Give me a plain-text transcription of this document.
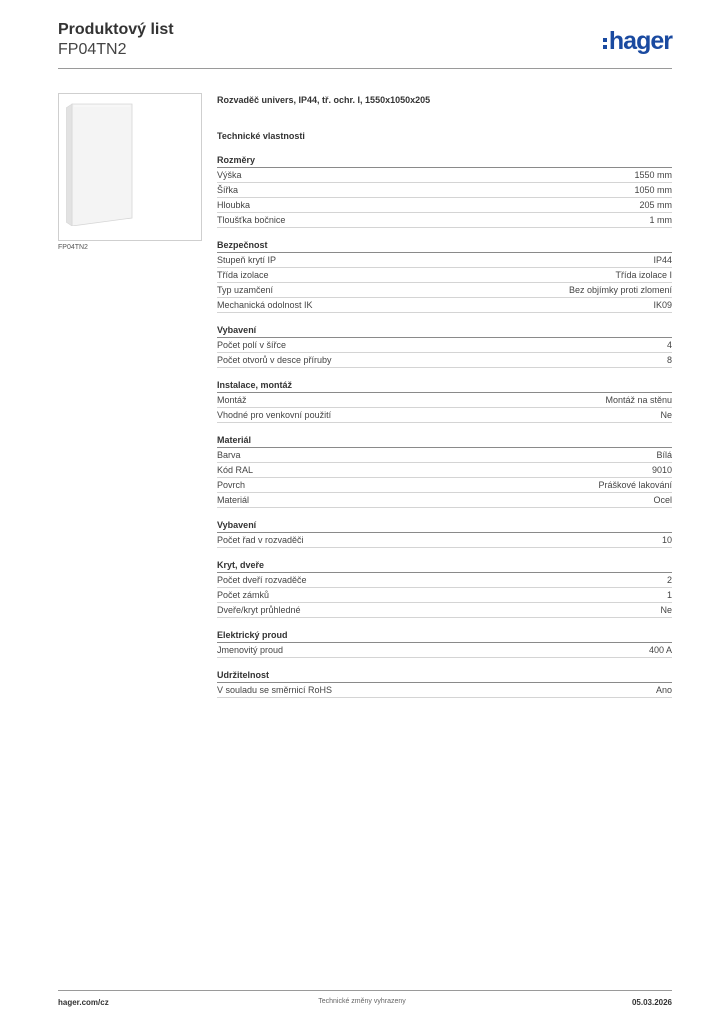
Produktový list
FP04TN2	hager
FP04TN2
Rozvaděč univers, IP44, tř. ochr. I, 1550x1050x205
Technické vlastnosti
Rozměry
Výška	1550 mm
Šířka	1050 mm
Hloubka	205 mm
Tloušťka bočnice	1 mm
Bezpečnost
Stupeň krytí IP	IP44
Třída izolace	Třída izolace I
Typ uzamčení	Bez objímky proti zlomení
Mechanická odolnost IK	IK09
Vybavení
Počet polí v šířce	4
Počet otvorů v desce příruby	8
Instalace, montáž
Montáž	Montáž na stěnu
Vhodné pro venkovní použití	Ne
Materiál
Barva	Bílá
Kód RAL	9010
Povrch	Práškové lakování
Materiál	Ocel
Vybavení
Počet řad v rozvaděči	10
Kryt, dveře
Počet dveří rozvaděče	2
Počet zámků	1
Dveře/kryt průhledné	Ne
Elektrický proud
Jmenovitý proud	400 A
Udržitelnost
V souladu se směrnicí RoHS	Ano
hager.com/cz	Technické změny vyhrazeny	05.03.2026
